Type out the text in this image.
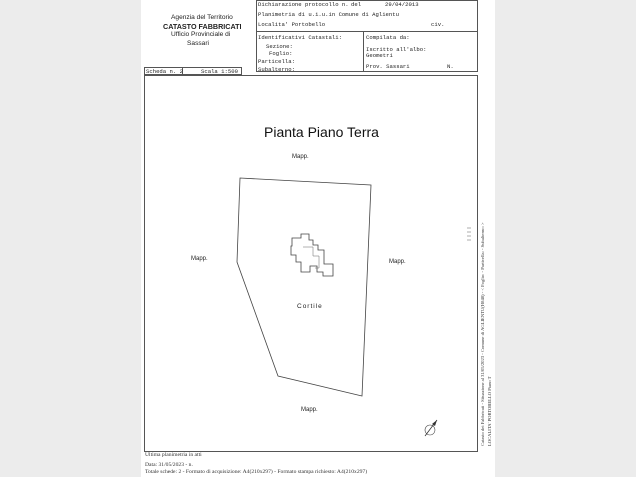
Agenzia del Territorio
CATASTO FABBRICATI
Ufficio Provinciale di
Sassari
Dichiarazione protocollo n. del	29/04/2013
Planimetria di u.i.u.in Comune di Aglientu
Localita' Portobello	civ.
Identificativi Catastali:
Sezione:
Foglio:
Particella:
Subalterno:
Compilata da:
Iscritto all'albo:
Geometri
Prov. Sassari	N.
Scheda n. 2	Scala 1:500
Pianta Piano Terra
Mapp.
Mapp.	Mapp.
Mapp.
Cortile	Catasto dei Fabbricati - Situazione al 31/05/2023 - Comune di AGLIENTU(H848) - < Foglio: - Particella: - Subalterno: > LOCALITA' PORTOBELLO Piano T
Ultima planimetria in atti
Data: 31/05/2023 - n.
Totale schede: 2 - Formato di acquisizione: A4(210x297) - Formato stampa richiesto: A4(210x297)
